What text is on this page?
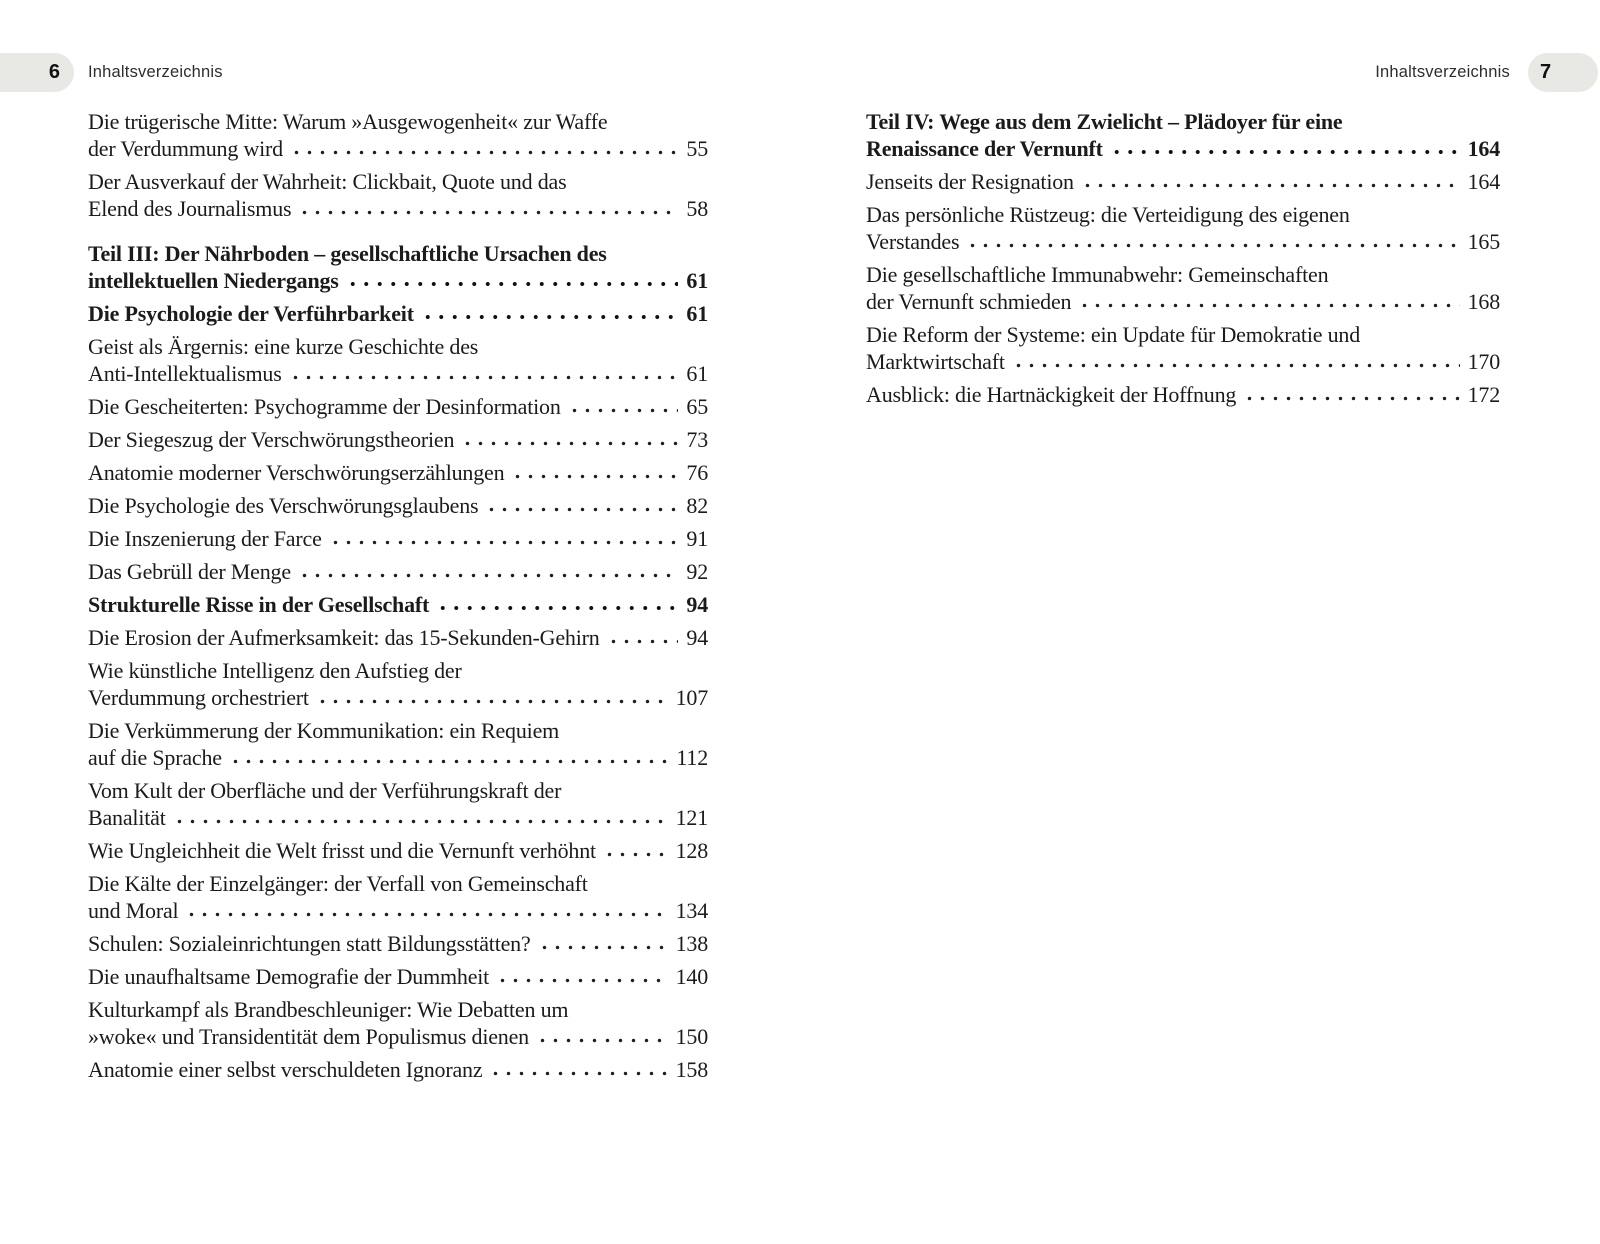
6 Inhaltsverzeichnis	Inhaltsverzeichnis 7
Die trügerische Mitte: Warum »Ausgewogenheit« zur Waffe
der Verdummung wird	55
Der Ausverkauf der Wahrheit: Clickbait, Quote und das
Elend des Journalismus	58
Teil III: Der Nährboden – gesellschaftliche Ursachen des
intellektuellen Niedergangs	61
Die Psychologie der Verführbarkeit	61
Geist als Ärgernis: eine kurze Geschichte des
Anti-Intellektualismus	61
Die Gescheiterten: Psychogramme der Desinformation	65
Der Siegeszug der Verschwörungstheorien	73
Anatomie moderner Verschwörungserzählungen	76
Die Psychologie des Verschwörungsglaubens	82
Die Inszenierung der Farce	91
Das Gebrüll der Menge	92
Strukturelle Risse in der Gesellschaft	94
Die Erosion der Aufmerksamkeit: das 15-Sekunden-Gehirn	94
Wie künstliche Intelligenz den Aufstieg der
Verdummung orchestriert	107
Die Verkümmerung der Kommunikation: ein Requiem
auf die Sprache	112
Vom Kult der Oberfläche und der Verführungskraft der
Banalität	121
Wie Ungleichheit die Welt frisst und die Vernunft verhöhnt	128
Die Kälte der Einzelgänger: der Verfall von Gemeinschaft
und Moral	134
Schulen: Sozialeinrichtungen statt Bildungsstätten?	138
Die unaufhaltsame Demografie der Dummheit	140
Kulturkampf als Brandbeschleuniger: Wie Debatten um
»woke« und Transidentität dem Populismus dienen	150
Anatomie einer selbst verschuldeten Ignoranz	158
Teil IV: Wege aus dem Zwielicht – Plädoyer für eine
Renaissance der Vernunft	164
Jenseits der Resignation	164
Das persönliche Rüstzeug: die Verteidigung des eigenen
Verstandes	165
Die gesellschaftliche Immunabwehr: Gemeinschaften
der Vernunft schmieden	168
Die Reform der Systeme: ein Update für Demokratie und
Marktwirtschaft	170
Ausblick: die Hartnäckigkeit der Hoffnung	172
